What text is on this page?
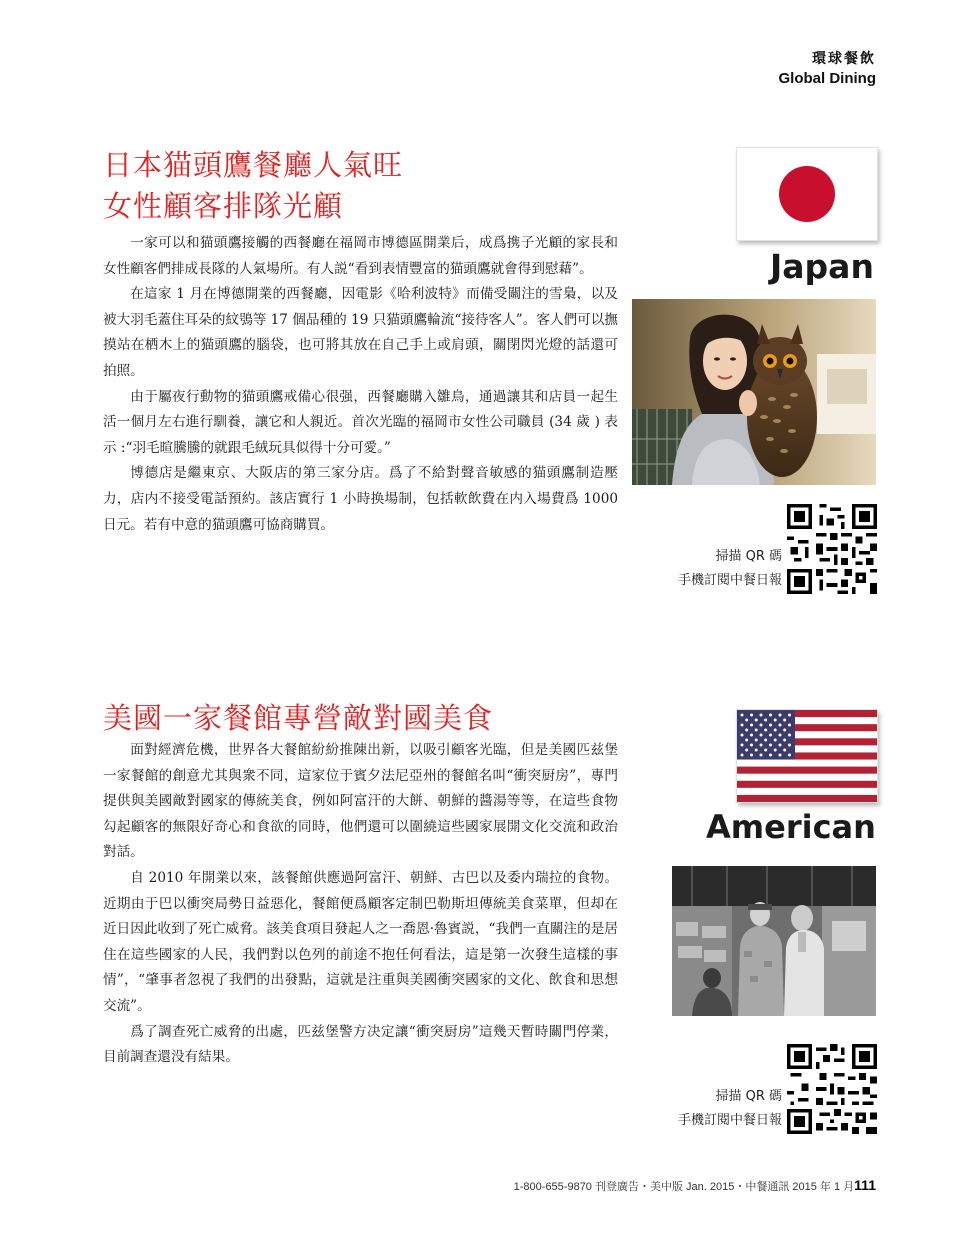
環球餐飲
Global Dining
日本猫頭鷹餐廳人氣旺
女性顧客排隊光顧

一家可以和猫頭鷹接觸的西餐廳在福岡市博德區開業后，成爲携子光顧的家長和女性顧客們排成長隊的人氣場所。有人説“看到表情豐富的猫頭鷹就會得到慰藉”。

在這家 1 月在博德開業的西餐廳，因電影《哈利波特》而備受關注的雪梟，以及被大羽毛蓋住耳朵的紋鴞等 17 個品種的 19 只猫頭鷹輪流“接待客人”。客人們可以撫摸站在栖木上的猫頭鷹的腦袋，也可將其放在自己手上或肩頭，關閉閃光燈的話還可拍照。

由于屬夜行動物的猫頭鷹戒備心很强，西餐廳購入雛鳥，通過讓其和店員一起生活一個月左右進行馴養，讓它和人親近。首次光臨的福岡市女性公司職員 (34 歲 ) 表示 :“羽毛暄騰騰的就跟毛絨玩具似得十分可愛。”

博德店是繼東京、大阪店的第三家分店。爲了不給對聲音敏感的猫頭鷹制造壓力，店内不接受電話預約。該店實行 1 小時换場制，包括軟飲費在内入場費爲 1000 日元。若有中意的猫頭鷹可協商購買。

Japan
掃描 QR 碼
手機訂閱中餐日報
美國一家餐館專營敵對國美食

面對經濟危機，世界各大餐館紛紛推陳出新，以吸引顧客光臨，但是美國匹兹堡一家餐館的創意尤其與衆不同，這家位于賓夕法尼亞州的餐館名叫“衝突厨房”，專門提供與美國敵對國家的傳統美食，例如阿富汗的大餅、朝鮮的醬湯等等，在這些食物勾起顧客的無限好奇心和食欲的同時，他們還可以圍繞這些國家展開文化交流和政治對話。

自 2010 年開業以來，該餐館供應過阿富汗、朝鮮、古巴以及委内瑞拉的食物。近期由于巴以衝突局勢日益惡化，餐館便爲顧客定制巴勒斯坦傳統美食菜單，但却在近日因此收到了死亡威脅。該美食項目發起人之一喬恩·魯賓説，“我們一直關注的是居住在這些國家的人民，我們對以色列的前途不抱任何看法，這是第一次發生這樣的事情”，“肇事者忽視了我們的出發點，這就是注重與美國衝突國家的文化、飲食和思想交流”。

爲了調查死亡威脅的出處，匹兹堡警方决定讓“衝突厨房”這幾天暫時關門停業，目前調查還没有結果。

American
掃描 QR 碼
手機訂閱中餐日報
1-800-655-9870 刊登廣告・美中版 Jan. 2015・中餐通訊 2015 年 1 月111
